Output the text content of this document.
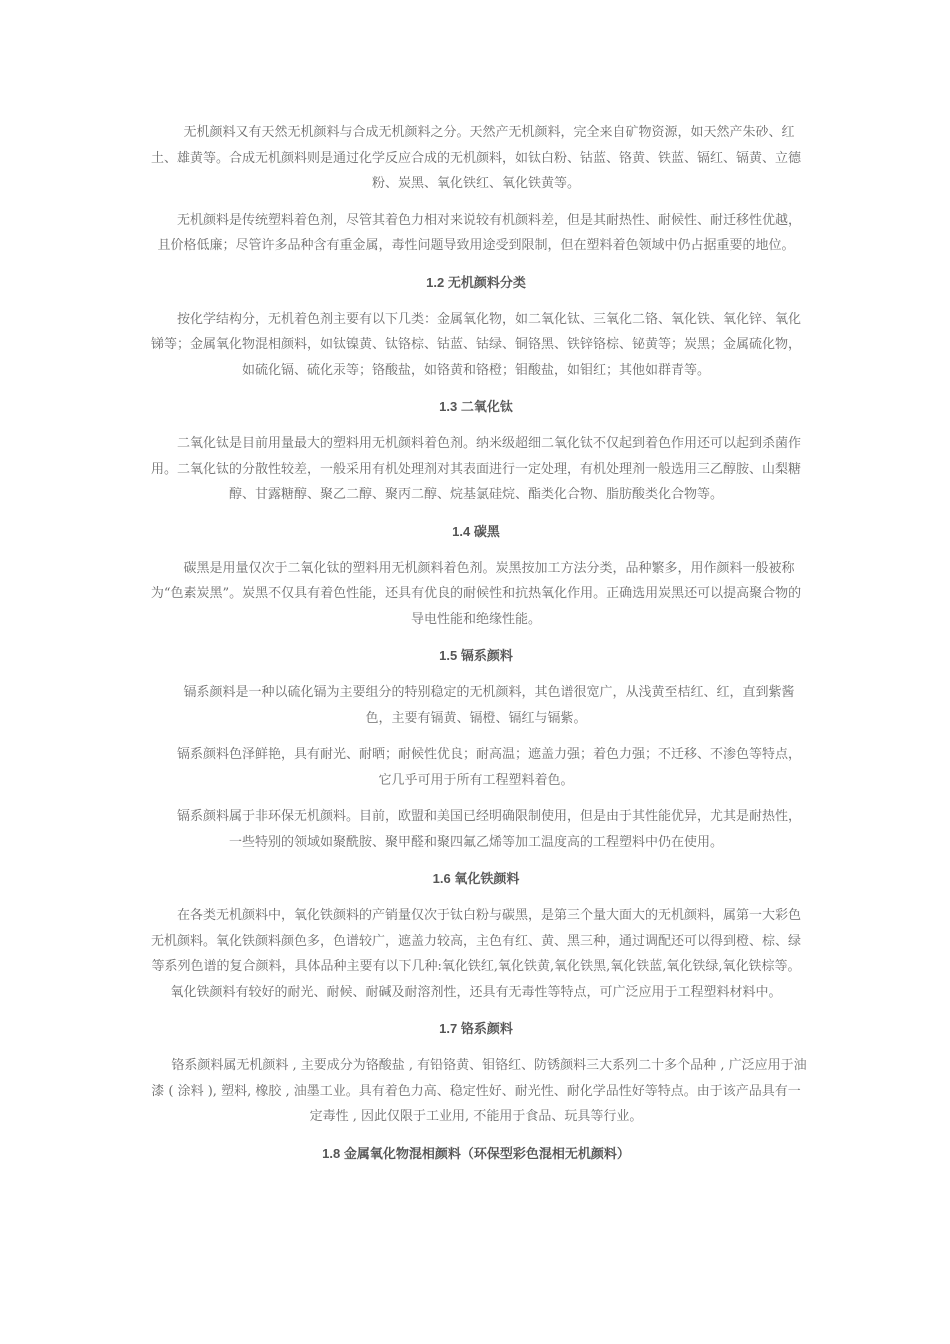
无机颜料又有天然无机颜料与合成无机颜料之分。天然产无机颜料，完全来自矿物资源，如天然产朱砂、红土、雄黄等。合成无机颜料则是通过化学反应合成的无机颜料，如钛白粉、钴蓝、铬黄、铁蓝、镉红、镉黄、立德粉、炭黑、氧化铁红、氧化铁黄等。

无机颜料是传统塑料着色剂，尽管其着色力相对来说较有机颜料差，但是其耐热性、耐候性、耐迁移性优越，且价格低廉；尽管许多品种含有重金属，毒性问题导致用途受到限制，但在塑料着色领域中仍占据重要的地位。

1.2 无机颜料分类

按化学结构分，无机着色剂主要有以下几类：金属氧化物，如二氧化钛、三氧化二铬、氧化铁、氧化锌、氧化锑等；金属氧化物混相颜料，如钛镍黄、钛铬棕、钴蓝、钴绿、铜铬黑、铁锌铬棕、铋黄等；炭黑；金属硫化物，如硫化镉、硫化汞等；铬酸盐，如铬黄和铬橙；钼酸盐，如钼红；其他如群青等。

1.3 二氧化钛

二氧化钛是目前用量最大的塑料用无机颜料着色剂。纳米级超细二氧化钛不仅起到着色作用还可以起到杀菌作用。二氧化钛的分散性较差，一般采用有机处理剂对其表面进行一定处理，有机处理剂一般选用三乙醇胺、山梨糖醇、甘露糖醇、聚乙二醇、聚丙二醇、烷基氯硅烷、酯类化合物、脂肪酸类化合物等。

1.4 碳黑

碳黑是用量仅次于二氧化钛的塑料用无机颜料着色剂。炭黑按加工方法分类，品种繁多，用作颜料一般被称为“色素炭黑”。炭黑不仅具有着色性能，还具有优良的耐候性和抗热氧化作用。正确选用炭黑还可以提高聚合物的导电性能和绝缘性能。

1.5 镉系颜料

镉系颜料是一种以硫化镉为主要组分的特别稳定的无机颜料，其色谱很宽广，从浅黄至桔红、红，直到紫酱色，主要有镉黄、镉橙、镉红与镉紫。

镉系颜料色泽鲜艳，具有耐光、耐晒；耐候性优良；耐高温；遮盖力强；着色力强；不迁移、不渗色等特点，它几乎可用于所有工程塑料着色。

镉系颜料属于非环保无机颜料。目前，欧盟和美国已经明确限制使用，但是由于其性能优异，尤其是耐热性，一些特别的领域如聚酰胺、聚甲醛和聚四氟乙烯等加工温度高的工程塑料中仍在使用。

1.6 氧化铁颜料

在各类无机颜料中，氧化铁颜料的产销量仅次于钛白粉与碳黑，是第三个量大面大的无机颜料，属第一大彩色无机颜料。氧化铁颜料颜色多，色谱较广，遮盖力较高，主色有红、黄、黑三种，通过调配还可以得到橙、棕、绿等系列色谱的复合颜料，具体品种主要有以下几种:氧化铁红,氧化铁黄,氧化铁黑,氧化铁蓝,氧化铁绿,氧化铁棕等。氧化铁颜料有较好的耐光、耐候、耐碱及耐溶剂性，还具有无毒性等特点，可广泛应用于工程塑料材料中。

1.7 铬系颜料

铬系颜料属无机颜料 , 主要成分为铬酸盐 , 有铅铬黄、钼铬红、防锈颜料三大系列二十多个品种 , 广泛应用于油漆 ( 涂料 ), 塑料, 橡胶 , 油墨工业。具有着色力高、稳定性好、耐光性、耐化学品性好等特点。由于该产品具有一定毒性 , 因此仅限于工业用, 不能用于食品、玩具等行业。

1.8 金属氧化物混相颜料（环保型彩色混相无机颜料）
